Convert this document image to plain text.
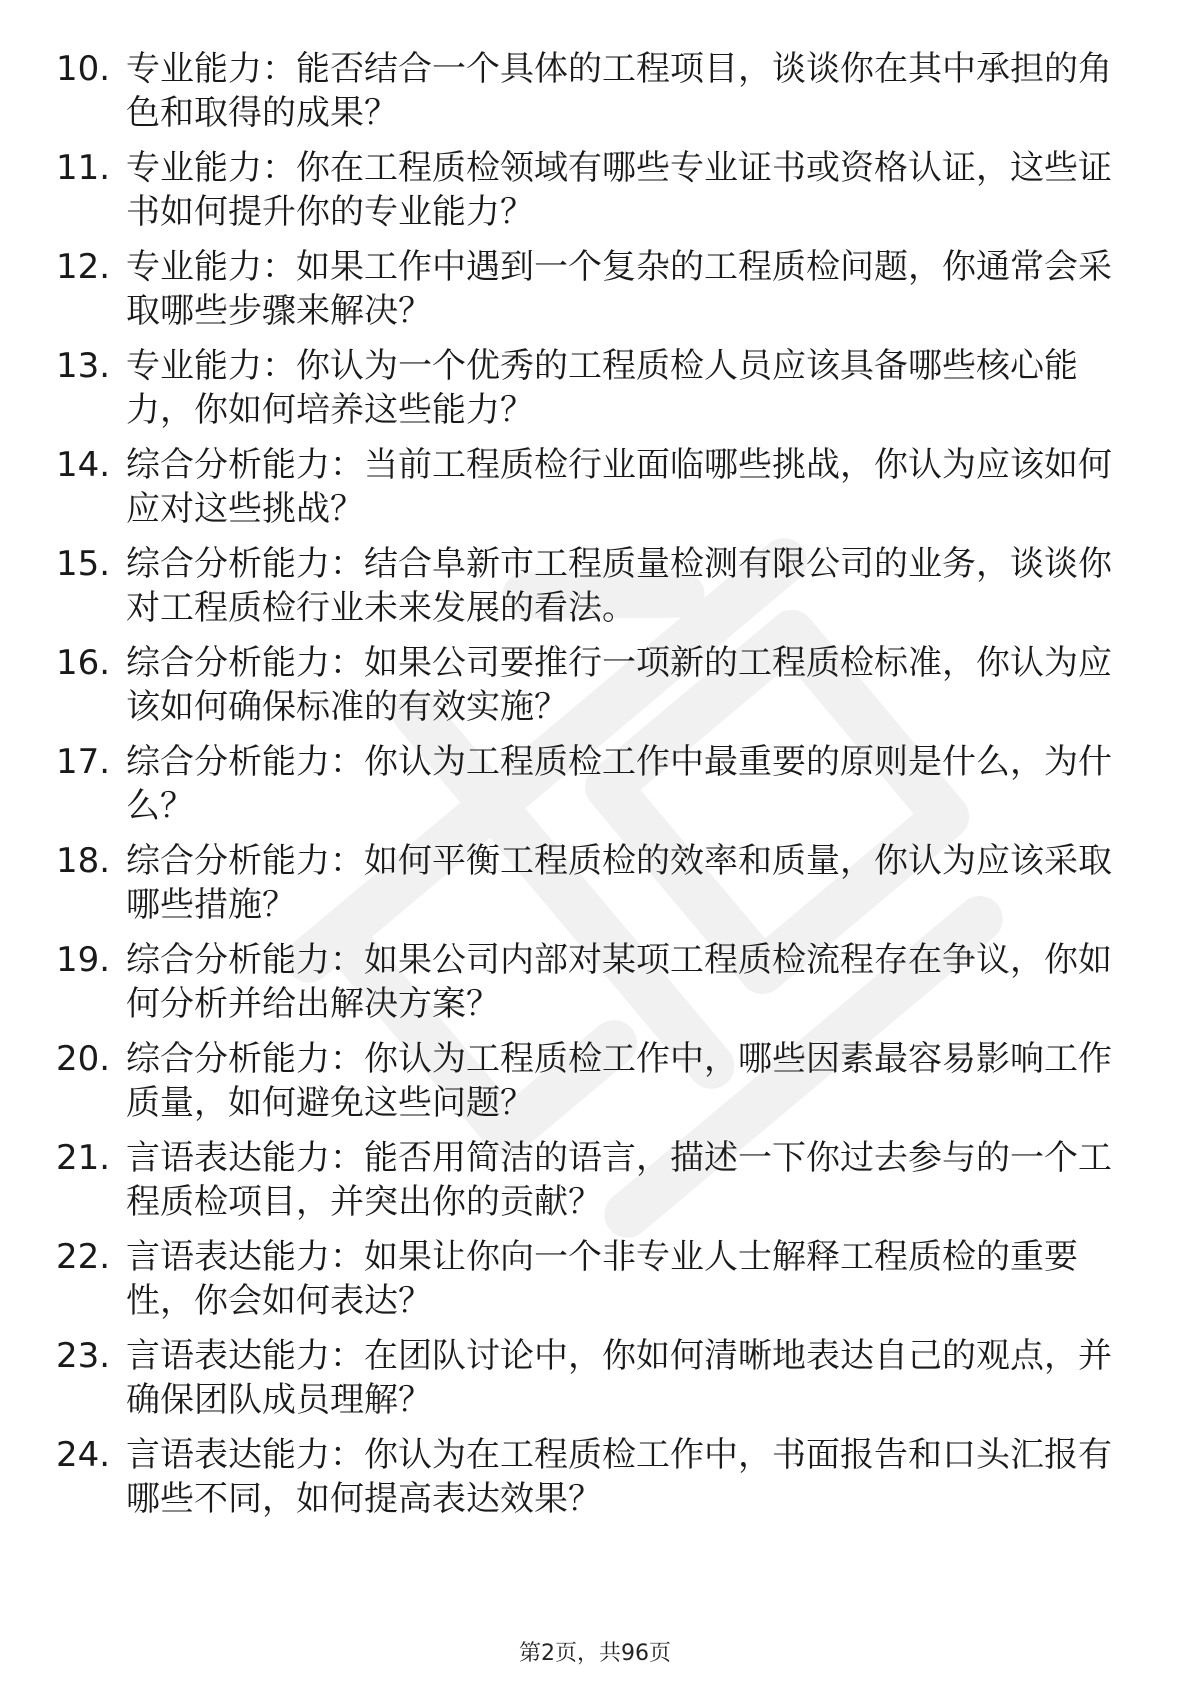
10. 专业能力：能否结合一个具体的工程项目，谈谈你在其中承担的角色和取得的成果？
11. 专业能力：你在工程质检领域有哪些专业证书或资格认证，这些证书如何提升你的专业能力？
12. 专业能力：如果工作中遇到一个复杂的工程质检问题，你通常会采取哪些步骤来解决？
13. 专业能力：你认为一个优秀的工程质检人员应该具备哪些核心能力，你如何培养这些能力？
14. 综合分析能力：当前工程质检行业面临哪些挑战，你认为应该如何应对这些挑战？
15. 综合分析能力：结合阜新市工程质量检测有限公司的业务，谈谈你对工程质检行业未来发展的看法。
16. 综合分析能力：如果公司要推行一项新的工程质检标准，你认为应该如何确保标准的有效实施？
17. 综合分析能力：你认为工程质检工作中最重要的原则是什么，为什么？
18. 综合分析能力：如何平衡工程质检的效率和质量，你认为应该采取哪些措施？
19. 综合分析能力：如果公司内部对某项工程质检流程存在争议，你如何分析并给出解决方案？
20. 综合分析能力：你认为工程质检工作中，哪些因素最容易影响工作质量，如何避免这些问题？
21. 言语表达能力：能否用简洁的语言，描述一下你过去参与的一个工程质检项目，并突出你的贡献？
22. 言语表达能力：如果让你向一个非专业人士解释工程质检的重要性，你会如何表达？
23. 言语表达能力：在团队讨论中，你如何清晰地表达自己的观点，并确保团队成员理解？
24. 言语表达能力：你认为在工程质检工作中，书面报告和口头汇报有哪些不同，如何提高表达效果？
第2页，共96页
